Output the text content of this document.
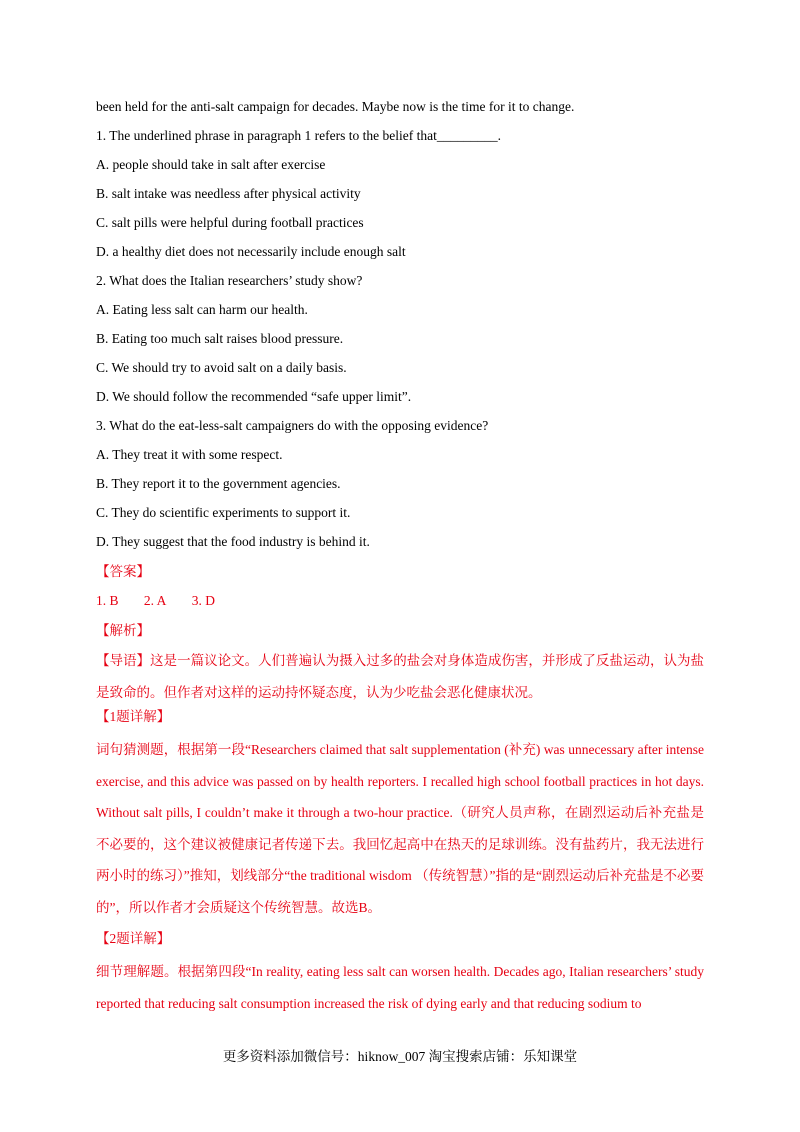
been held for the anti-salt campaign for decades. Maybe now is the time for it to change.
1. The underlined phrase in paragraph 1 refers to the belief that_________.
A. people should take in salt after exercise
B. salt intake was needless after physical activity
C. salt pills were helpful during football practices
D. a healthy diet does not necessarily include enough salt
2. What does the Italian researchers’ study show?
A. Eating less salt can harm our health.
B. Eating too much salt raises blood pressure.
C. We should try to avoid salt on a daily basis.
D. We should follow the recommended “safe upper limit”.
3. What do the eat-less-salt campaigners do with the opposing evidence?
A. They treat it with some respect.
B. They report it to the government agencies.
C. They do scientific experiments to support it.
D. They suggest that the food industry is behind it.
【答案】
1. B 2. A 3. D
【解析】
【导语】这是一篇议论文。人们普遍认为摄入过多的盐会对身体造成伤害，并形成了反盐运动，认为盐是致命的。但作者对这样的运动持怀疑态度，认为少吃盐会恶化健康状况。
【1题详解】
词句猜测题，根据第一段“Researchers claimed that salt supplementation (补充) was unnecessary after intense exercise, and this advice was passed on by health reporters. I recalled high school football practices in hot days. Without salt pills, I couldn’t make it through a two-hour practice.（研究人员声称，在剧烈运动后补充盐是不必要的，这个建议被健康记者传递下去。我回忆起高中在热天的足球训练。没有盐药片，我无法进行两小时的练习）”推知，划线部分“the traditional wisdom （传统智慧）”指的是“剧烈运动后补充盐是不必要的”，所以作者才会质疑这个传统智慧。故选B。
【2题详解】
细节理解题。根据第四段“In reality, eating less salt can worsen health. Decades ago, Italian researchers’ study reported that reducing salt consumption increased the risk of dying early and that reducing sodium to
更多资料添加微信号：hiknow_007 淘宝搜索店铺：乐知课堂
